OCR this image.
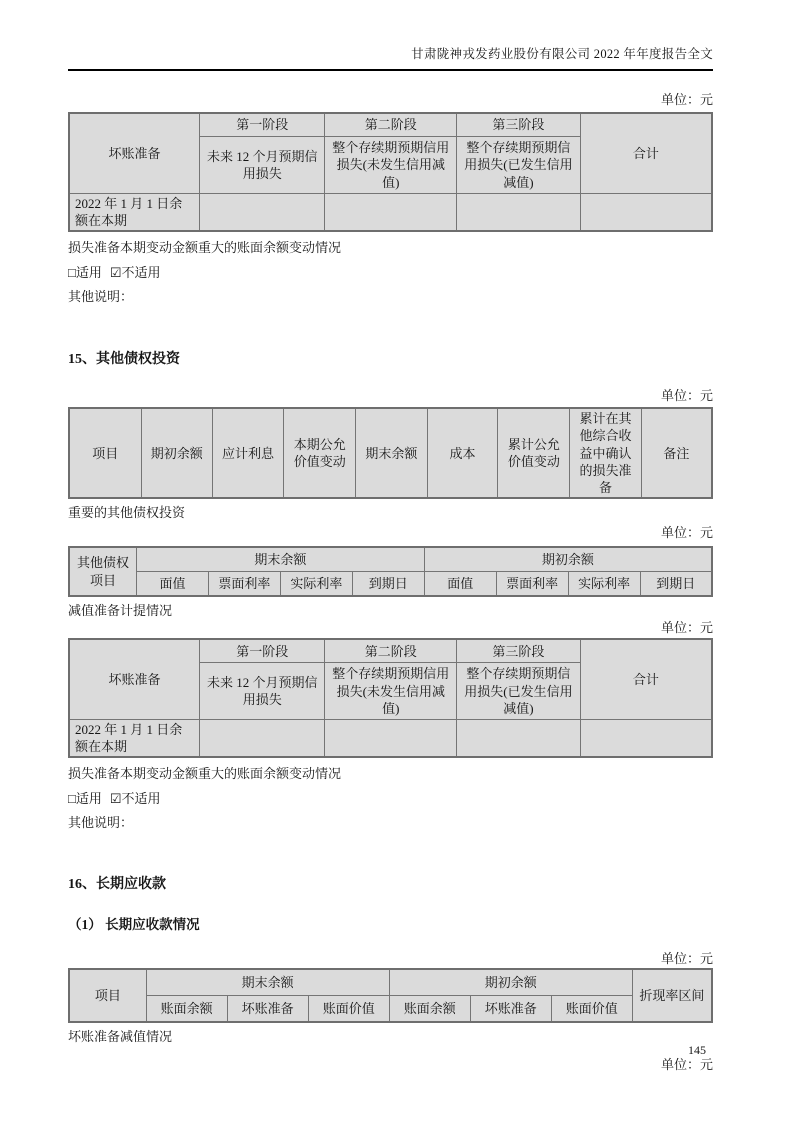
甘肃陇神戎发药业股份有限公司 2022 年年度报告全文
单位：元
坏账准备	第一阶段	第二阶段	第三阶段	合计
	未来 12 个月预期信用损失	整个存续期预期信用损失(未发生信用减值)	整个存续期预期信用损失(已发生信用减值)	
2022 年 1 月 1 日余额在本期				
损失准备本期变动金额重大的账面余额变动情况
□适用 ☑不适用
其他说明：
15、其他债权投资
单位：元
项目	期初余额	应计利息	本期公允价值变动	期末余额	成本	累计公允价值变动	累计在其他综合收益中确认的损失准备	备注
重要的其他债权投资
单位：元
其他债权项目	期末余额				期初余额			
	面值	票面利率	实际利率	到期日	面值	票面利率	实际利率	到期日
减值准备计提情况
单位：元
坏账准备	第一阶段	第二阶段	第三阶段	合计
	未来 12 个月预期信用损失	整个存续期预期信用损失(未发生信用减值)	整个存续期预期信用损失(已发生信用减值)	
2022 年 1 月 1 日余额在本期				
损失准备本期变动金额重大的账面余额变动情况
□适用 ☑不适用
其他说明：
16、长期应收款
（1） 长期应收款情况
单位：元
项目	期末余额			期初余额			折现率区间
	账面余额	坏账准备	账面价值	账面余额	坏账准备	账面价值	
坏账准备减值情况
单位：元
145
